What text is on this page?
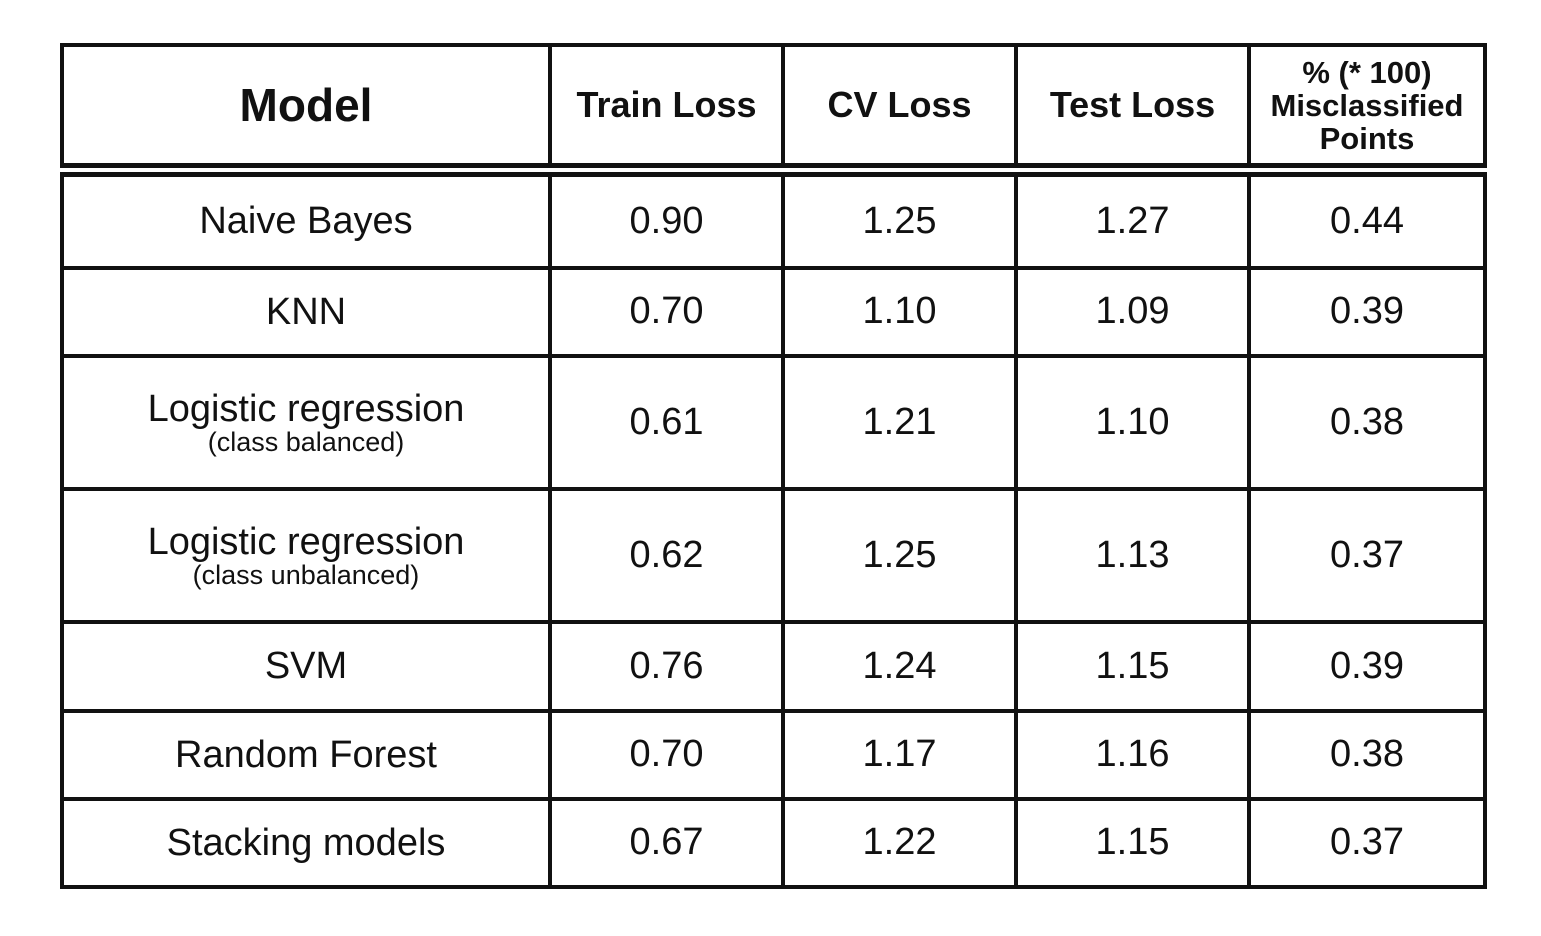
Model	Train Loss	CV Loss	Test Loss	% (* 100)
Misclassified
Points

Naive Bayes	0.90	1.25	1.27	0.44

KNN	0.70	1.10	1.09	0.39

Logistic regression
(class balanced)	0.61	1.21	1.10	0.38

Logistic regression
(class unbalanced)	0.62	1.25	1.13	0.37

SVM	0.76	1.24	1.15	0.39

Random Forest	0.70	1.17	1.16	0.38

Stacking models	0.67	1.22	1.15	0.37
